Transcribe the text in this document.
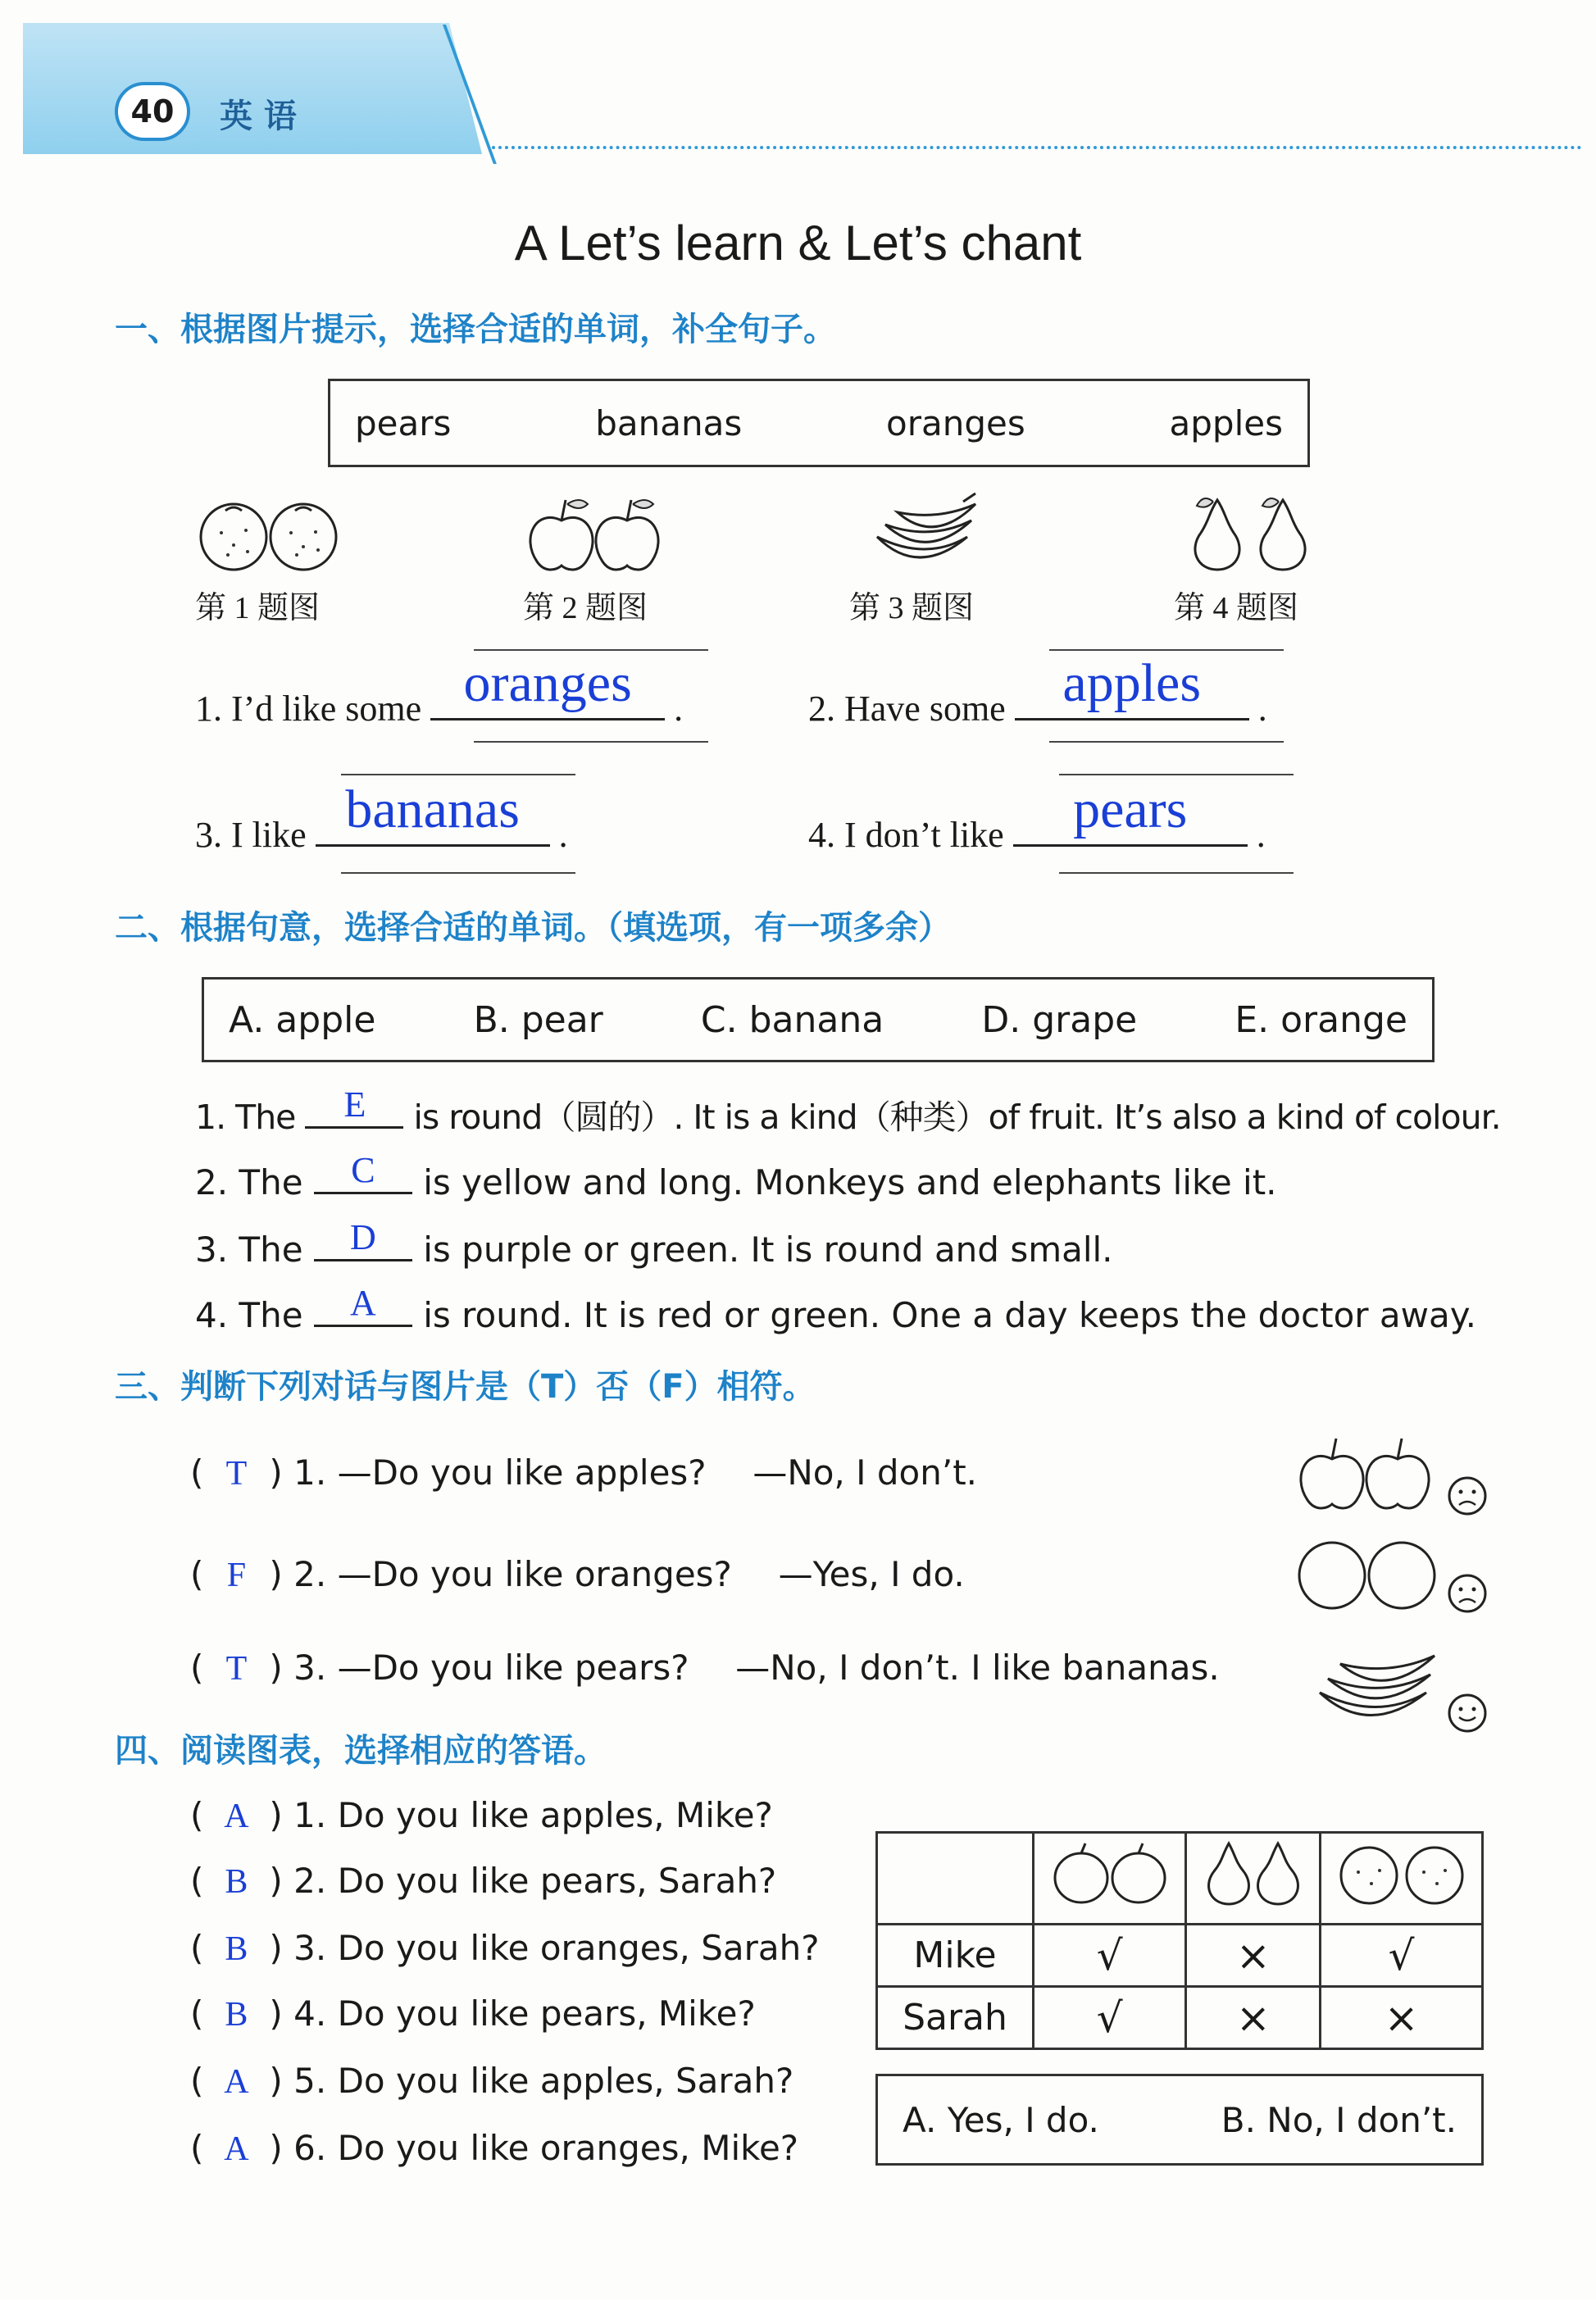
40	英 语
A Let’s learn & Let’s chant
一、根据图片提示，选择合适的单词，补全句子。
pears	bananas	oranges	apples
第 1 题图	第 2 题图	第 3 题图	第 4 题图
1. I’d like some oranges	.	2. Have some	apples	.
3. I like bananas	.	4. I don’t like	pears	.
二、根据句意，选择合适的单词。（填选项，有一项多余）
A. apple	B. pear	C. banana	D. grape	E. orange
1. The	E	is round（圆的）. It is a kind（种类）of fruit. It’s also a kind of colour.
2. The	C	is yellow and long. Monkeys and elephants like it.
3. The	D	is purple or green. It is round and small.
4. The	A	is round. It is red or green. One a day keeps the doctor away.
三、判断下列对话与图片是（T）否（F）相符。
( T ) 1. —Do you like apples? —No, I don’t.
( F ) 2. —Do you like oranges? —Yes, I do.
( T ) 3. —Do you like pears? —No, I don’t. I like bananas.
四、阅读图表，选择相应的答语。
( A ) 1. Do you like apples, Mike?
( B ) 2. Do you like pears, Sarah?
( B ) 3. Do you like oranges, Sarah?
( B ) 4. Do you like pears, Mike?
( A ) 5. Do you like apples, Sarah?
( A ) 6. Do you like oranges, Mike?

Mike	√	×	√
Sarah	√	×	×
A. Yes, I do.	B. No, I don’t.
